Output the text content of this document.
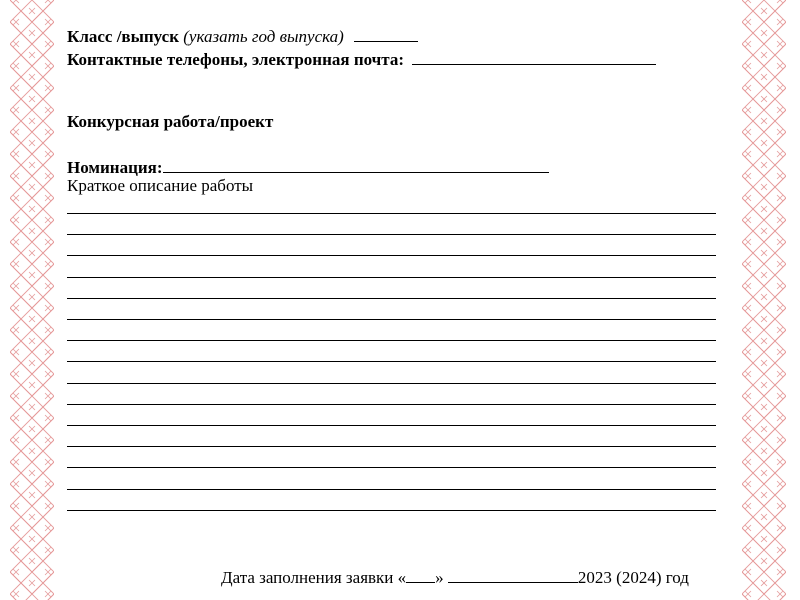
Класс /выпуск (указать год выпуска)
Контактные телефоны, электронная почта:
Конкурсная работа/проект
Номинация:
Краткое описание работы
Дата заполнения заявки « »	2023 (2024) год
